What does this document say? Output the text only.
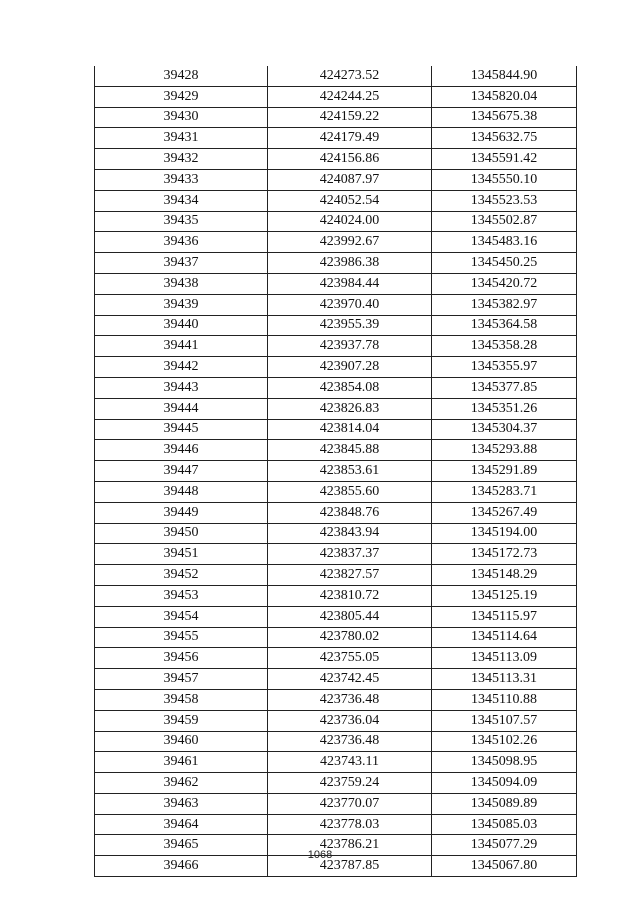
39428	424273.52	1345844.90
39429	424244.25	1345820.04
39430	424159.22	1345675.38
39431	424179.49	1345632.75
39432	424156.86	1345591.42
39433	424087.97	1345550.10
39434	424052.54	1345523.53
39435	424024.00	1345502.87
39436	423992.67	1345483.16
39437	423986.38	1345450.25
39438	423984.44	1345420.72
39439	423970.40	1345382.97
39440	423955.39	1345364.58
39441	423937.78	1345358.28
39442	423907.28	1345355.97
39443	423854.08	1345377.85
39444	423826.83	1345351.26
39445	423814.04	1345304.37
39446	423845.88	1345293.88
39447	423853.61	1345291.89
39448	423855.60	1345283.71
39449	423848.76	1345267.49
39450	423843.94	1345194.00
39451	423837.37	1345172.73
39452	423827.57	1345148.29
39453	423810.72	1345125.19
39454	423805.44	1345115.97
39455	423780.02	1345114.64
39456	423755.05	1345113.09
39457	423742.45	1345113.31
39458	423736.48	1345110.88
39459	423736.04	1345107.57
39460	423736.48	1345102.26
39461	423743.11	1345098.95
39462	423759.24	1345094.09
39463	423770.07	1345089.89
39464	423778.03	1345085.03
39465	423786.21	1345077.29
39466	423787.85	1345067.80
1068
